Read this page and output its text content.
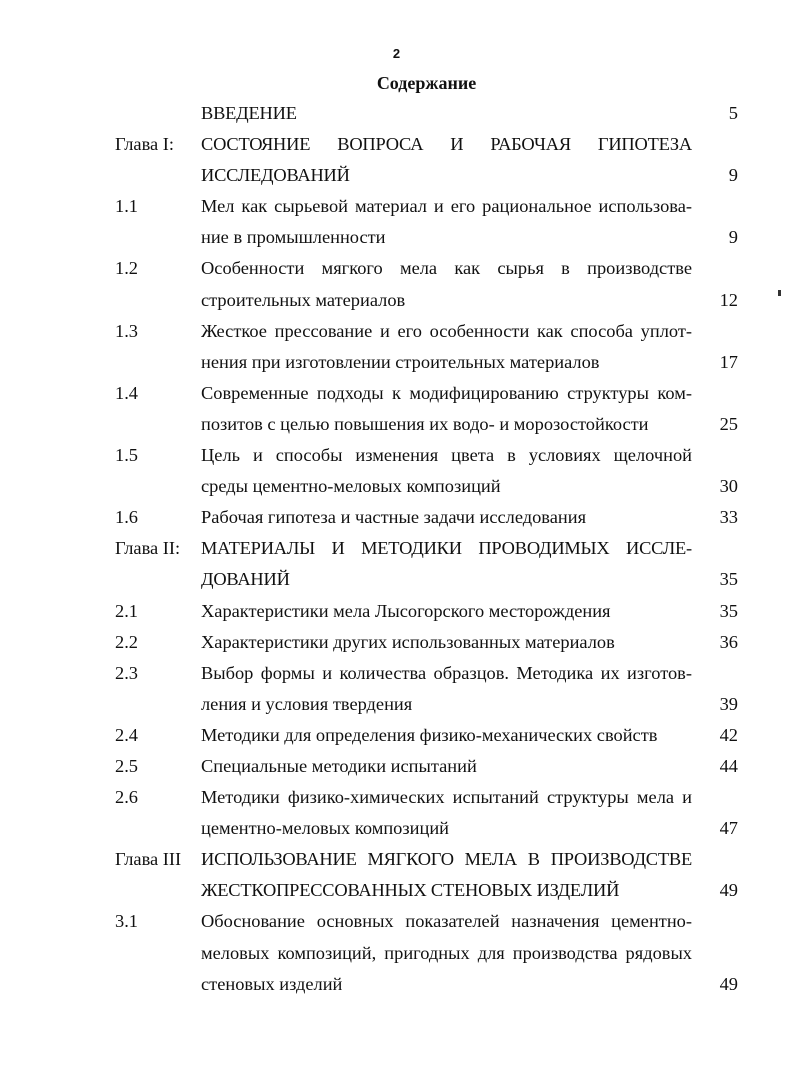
2
Содержание
ВВЕДЕНИЕ	5
Глава I: СОСТОЯНИЕ ВОПРОСА И РАБОЧАЯ ГИПОТЕЗА
ИССЛЕДОВАНИЙ	9
1.1	Мел как сырьевой материал и его рациональное использова-
ние в промышленности	9
1.2	Особенности мягкого мела как сырья в производстве
строительных материалов	12
1.3	Жесткое прессование и его особенности как способа уплот-
нения при изготовлении строительных материалов	17
1.4	Современные подходы к модифицированию структуры ком-
позитов с целью повышения их водо- и морозостойкости	25
1.5	Цель и способы изменения цвета в условиях щелочной
среды цементно-меловых композиций	30
1.6	Рабочая гипотеза и частные задачи исследования	33
Глава II: МАТЕРИАЛЫ И МЕТОДИКИ ПРОВОДИМЫХ ИССЛЕ-
ДОВАНИЙ	35
2.1	Характеристики мела Лысогорского месторождения	35
2.2	Характеристики других использованных материалов	36
2.3	Выбор формы и количества образцов. Методика их изготов-
ления и условия твердения	39
2.4	Методики для определения физико-механических свойств	42
2.5	Специальные методики испытаний	44
2.6	Методики физико-химических испытаний структуры мела и
цементно-меловых композиций	47
Глава III ИСПОЛЬЗОВАНИЕ МЯГКОГО МЕЛА В ПРОИЗВОДСТВЕ
ЖЕСТКОПРЕССОВАННЫХ СТЕНОВЫХ ИЗДЕЛИЙ	49
3.1	Обоснование основных показателей назначения цементно-
меловых композиций, пригодных для производства рядовых
стеновых изделий	49
